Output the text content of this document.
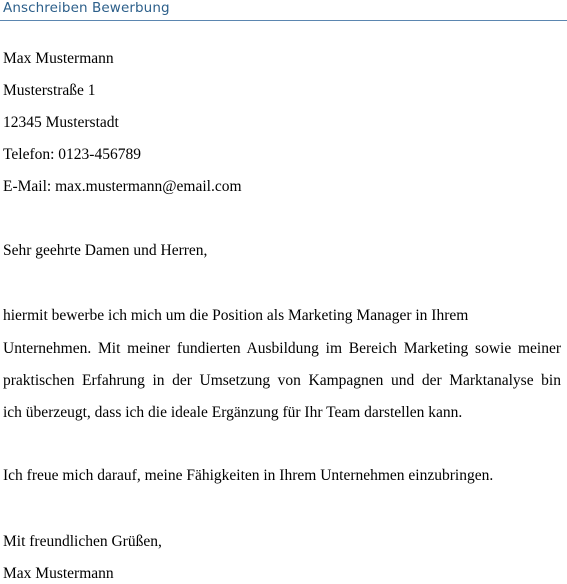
Anschreiben Bewerbung
Max Mustermann
Musterstraße 1
12345 Musterstadt
Telefon: 0123-456789
E-Mail: max.mustermann@email.com
Sehr geehrte Damen und Herren,
hiermit bewerbe ich mich um die Position als Marketing Manager in Ihrem
Unternehmen. Mit meiner fundierten Ausbildung im Bereich Marketing sowie meiner
praktischen Erfahrung in der Umsetzung von Kampagnen und der Marktanalyse bin
ich überzeugt, dass ich die ideale Ergänzung für Ihr Team darstellen kann.
Ich freue mich darauf, meine Fähigkeiten in Ihrem Unternehmen einzubringen.
Mit freundlichen Grüßen,
Max Mustermann
